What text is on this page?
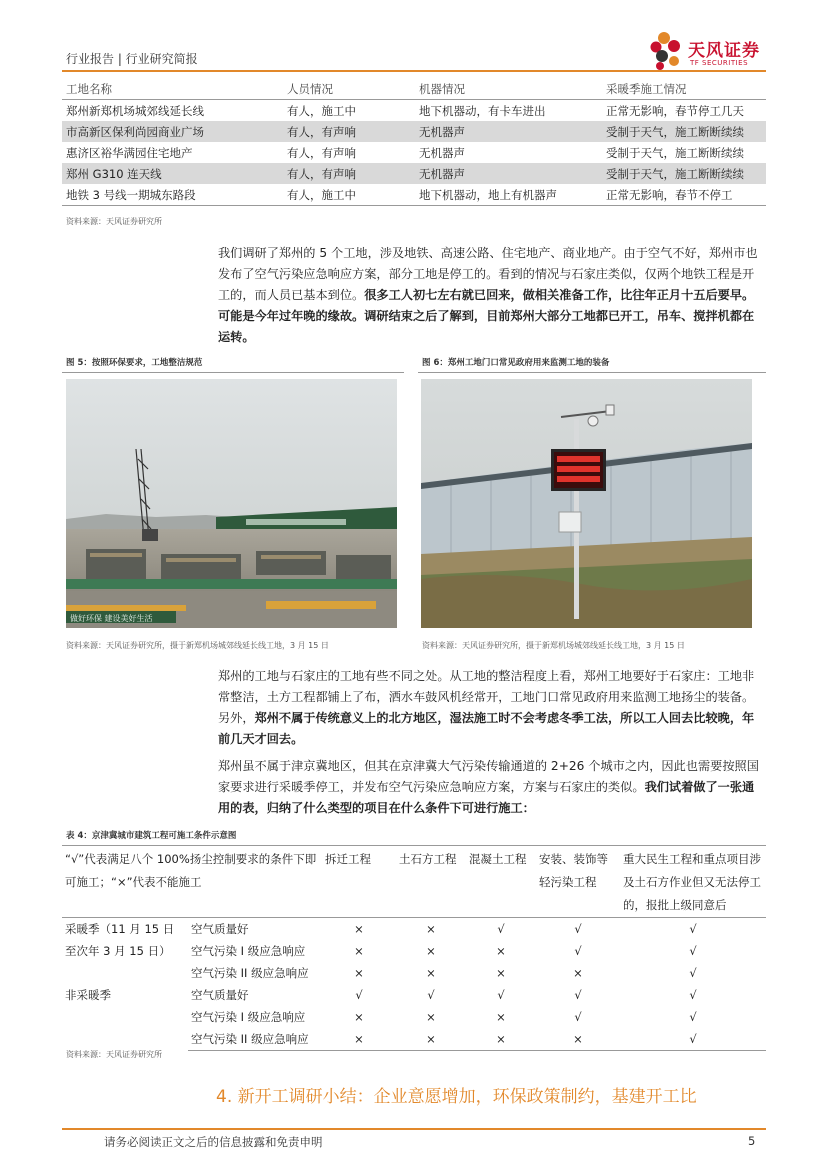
行业报告 | 行业研究简报	天风证券
TF SECURITIES
工地名称	人员情况	机器情况	采暖季施工情况
郑州新郑机场城郊线延长线	有人，施工中	地下机器动，有卡车进出	正常无影响，春节停工几天
市高新区保利尚园商业广场	有人，有声响	无机器声	受制于天气，施工断断续续
惠济区裕华满园住宅地产	有人，有声响	无机器声	受制于天气，施工断断续续
郑州 G310 连天线	有人，有声响	无机器声	受制于天气，施工断断续续
地铁 3 号线一期城东路段	有人，施工中	地下机器动，地上有机器声	正常无影响，春节不停工
资料来源：天风证券研究所
我们调研了郑州的 5 个工地，涉及地铁、高速公路、住宅地产、商业地产。由于空气不好，郑州市也发布了空气污染应急响应方案，部分工地是停工的。看到的情况与石家庄类似，仅两个地铁工程是开工的，而人员已基本到位。很多工人初七左右就已回来，做相关准备工作，比往年正月十五后要早。可能是今年过年晚的缘故。调研结束之后了解到，目前郑州大部分工地都已开工，吊车、搅拌机都在运转。
图 5：按照环保要求，工地整洁规范	图 6：郑州工地门口常见政府用来监测工地的装备
做好环保 建设美好生活
资料来源：天风证券研究所，摄于新郑机场城郊线延长线工地，3 月 15 日	资料来源：天风证券研究所，摄于新郑机场城郊线延长线工地，3 月 15 日
郑州的工地与石家庄的工地有些不同之处。从工地的整洁程度上看，郑州工地要好于石家庄：工地非常整洁，土方工程都铺上了布，洒水车鼓风机经常开，工地门口常见政府用来监测工地扬尘的装备。另外，郑州不属于传统意义上的北方地区，湿法施工时不会考虑冬季工法，所以工人回去比较晚，年前几天才回去。
郑州虽不属于津京冀地区，但其在京津冀大气污染传输通道的 2+26 个城市之内，因此也需要按照国家要求进行采暖季停工，并发布空气污染应急响应方案，方案与石家庄的类似。我们试着做了一张通用的表，归纳了什么类型的项目在什么条件下可进行施工：
表 4：京津冀城市建筑工程可施工条件示意图
“√”代表满足八个 100%扬尘控制要求的条件下即可施工；“×”代表不能施工		拆迁工程	土石方工程	混凝土工程	安装、装饰等轻污染工程	重大民生工程和重点项目涉及土石方作业但又无法停工的，报批上级同意后
采暖季（11 月 15 日至次年 3 月 15 日）	空气质量好	×	×	√	√	√
	空气污染 I 级应急响应	×	×	×	√	√
	空气污染 II 级应急响应	×	×	×	×	√
非采暖季	空气质量好	√	√	√	√	√
	空气污染 I 级应急响应	×	×	×	√	√
	空气污染 II 级应急响应	×	×	×	×	√
资料来源：天风证券研究所
4. 新开工调研小结：企业意愿增加，环保政策制约，基建开工比
请务必阅读正文之后的信息披露和免责申明	5
